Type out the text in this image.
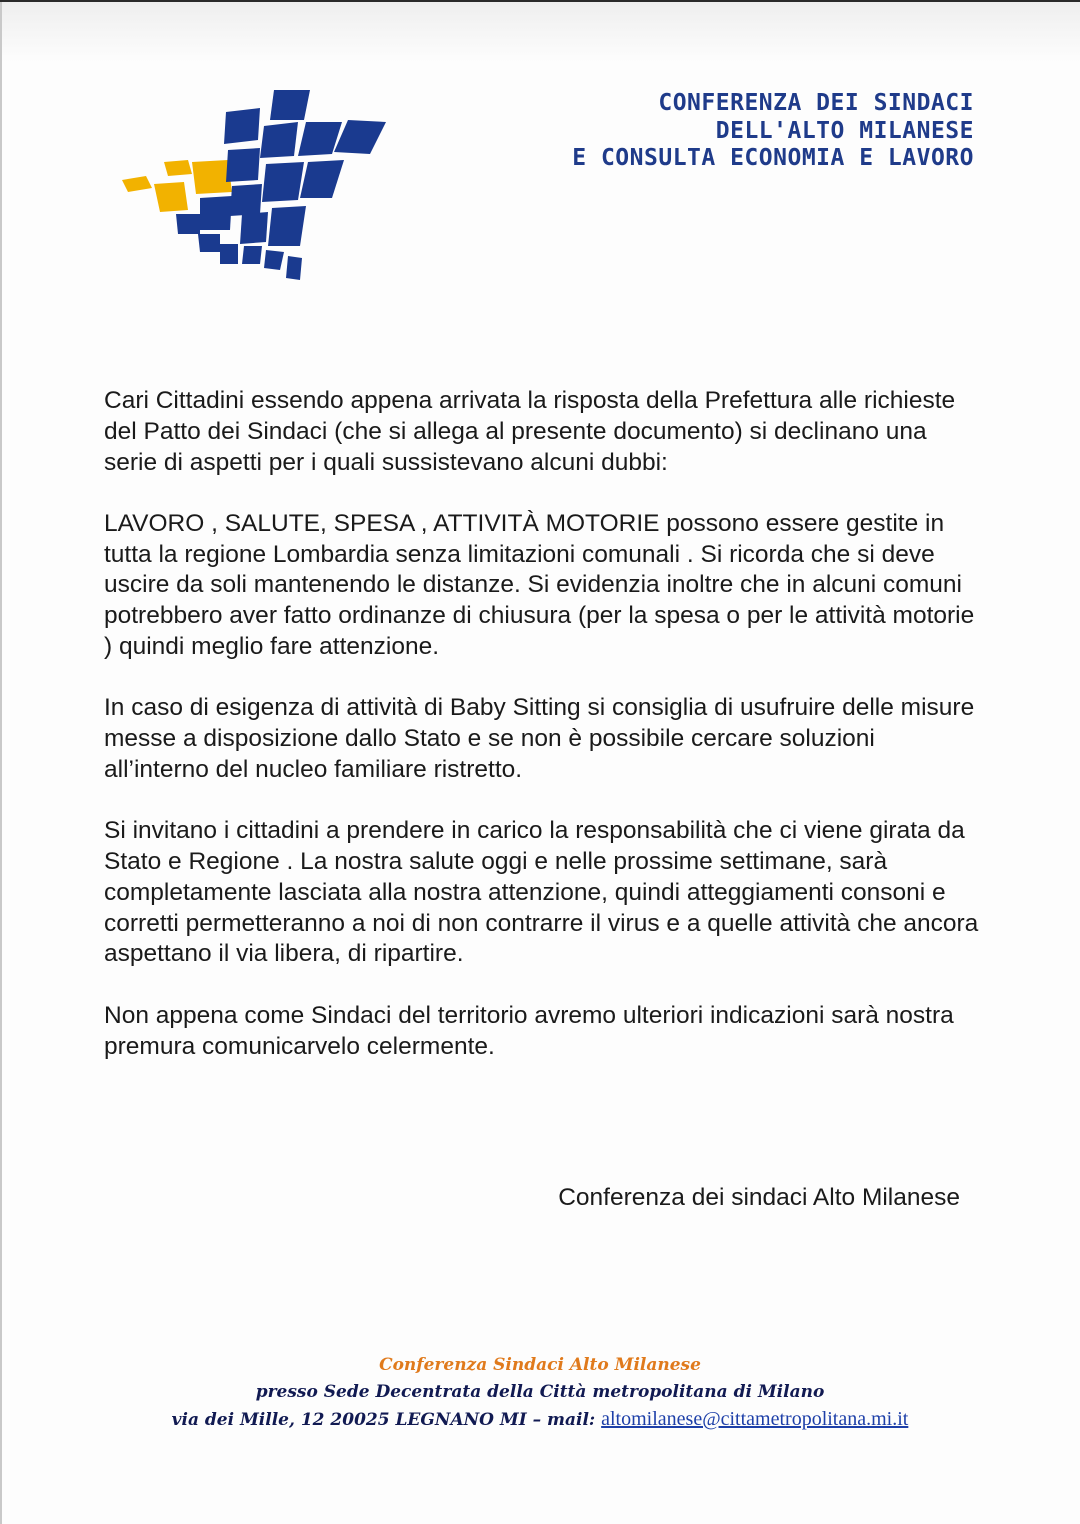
CONFERENZA DEI SINDACI
DELL'ALTO MILANESE
E CONSULTA ECONOMIA E LAVORO

Cari Cittadini essendo appena arrivata la risposta della Prefettura alle richieste del Patto dei Sindaci (che si allega al presente documento) si declinano una serie di aspetti per i quali sussistevano alcuni dubbi:

LAVORO , SALUTE, SPESA , ATTIVITÀ MOTORIE possono essere gestite in tutta la regione Lombardia senza limitazioni comunali . Si ricorda che si deve uscire da soli mantenendo le distanze. Si evidenzia inoltre che in alcuni comuni potrebbero aver fatto ordinanze di chiusura (per la spesa o per le attività motorie ) quindi meglio fare attenzione.

In caso di esigenza di attività di Baby Sitting si consiglia di usufruire delle misure messe a disposizione dallo Stato e se non è possibile cercare soluzioni all’interno del nucleo familiare ristretto.

Si invitano i cittadini a prendere in carico la responsabilità che ci viene girata da Stato e Regione . La nostra salute oggi e nelle prossime settimane, sarà completamente lasciata alla nostra attenzione, quindi atteggiamenti consoni e corretti permetteranno a noi di non contrarre il virus e a quelle attività che ancora aspettano il via libera, di ripartire.

Non appena come Sindaci del territorio avremo ulteriori indicazioni sarà nostra premura comunicarvelo celermente.

Conferenza dei sindaci Alto Milanese
Conferenza Sindaci Alto Milanese
presso Sede Decentrata della Città metropolitana di Milano
via dei Mille, 12 20025 LEGNANO MI – mail: altomilanese@cittametropolitana.mi.it
